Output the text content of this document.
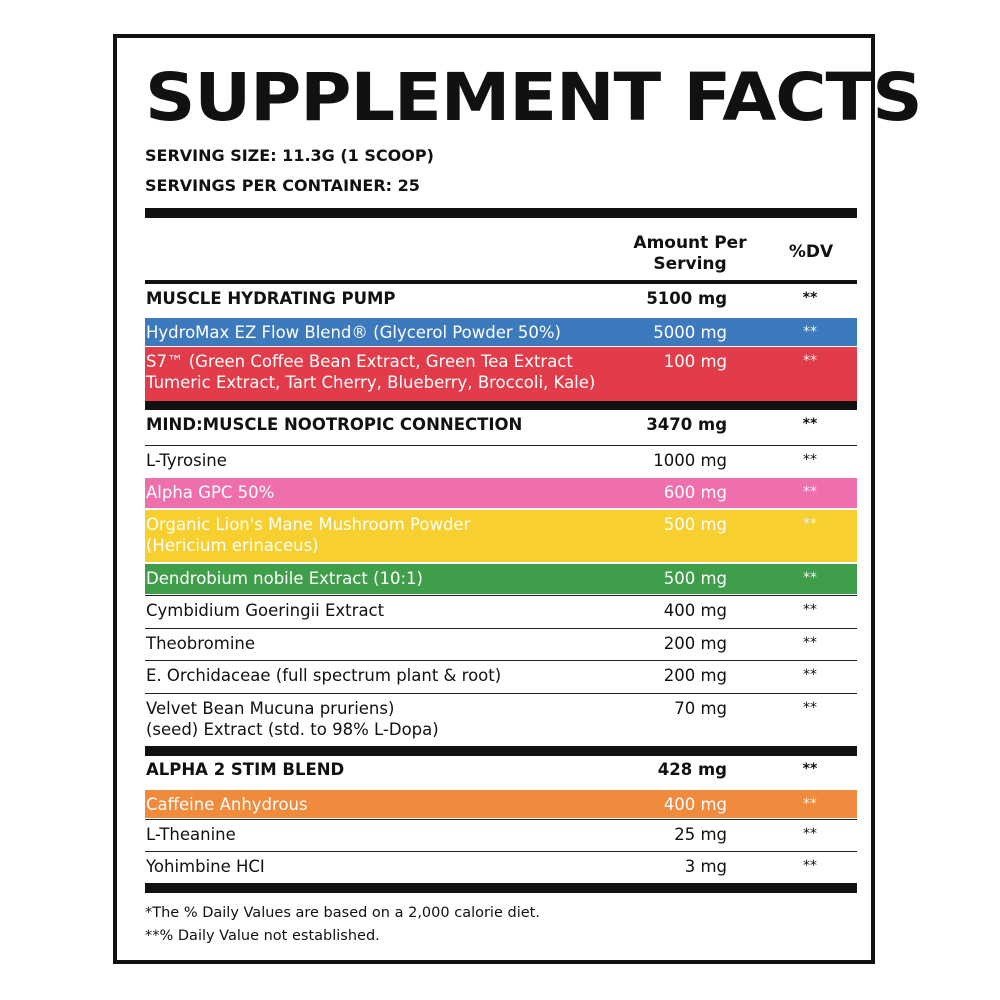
SUPPLEMENT FACTS
SERVING SIZE: 11.3G (1 SCOOP)
SERVINGS PER CONTAINER: 25
Amount Per
Serving
%DV
MUSCLE HYDRATING PUMP	5100 mg	**
HydroMax EZ Flow Blend® (Glycerol Powder 50%)	5000 mg	**
S7™ (Green Coffee Bean Extract, Green Tea Extract
Tumeric Extract, Tart Cherry, Blueberry, Broccoli, Kale)
100 mg	**
MIND:MUSCLE NOOTROPIC CONNECTION	3470 mg	**
L-Tyrosine	1000 mg	**
Alpha GPC 50%	600 mg	**
Organic Lion's Mane Mushroom Powder
(Hericium erinaceus)
500 mg	**
Dendrobium nobile Extract (10:1)	500 mg	**
Cymbidium Goeringii Extract	400 mg	**
Theobromine	200 mg	**
E. Orchidaceae (full spectrum plant & root)	200 mg	**
Velvet Bean Mucuna pruriens)
(seed) Extract (std. to 98% L-Dopa)
70 mg	**
ALPHA 2 STIM BLEND	428 mg	**
Caffeine Anhydrous	400 mg	**
L-Theanine	25 mg	**
Yohimbine HCI	3 mg	**
*The % Daily Values are based on a 2,000 calorie diet.
**% Daily Value not established.
